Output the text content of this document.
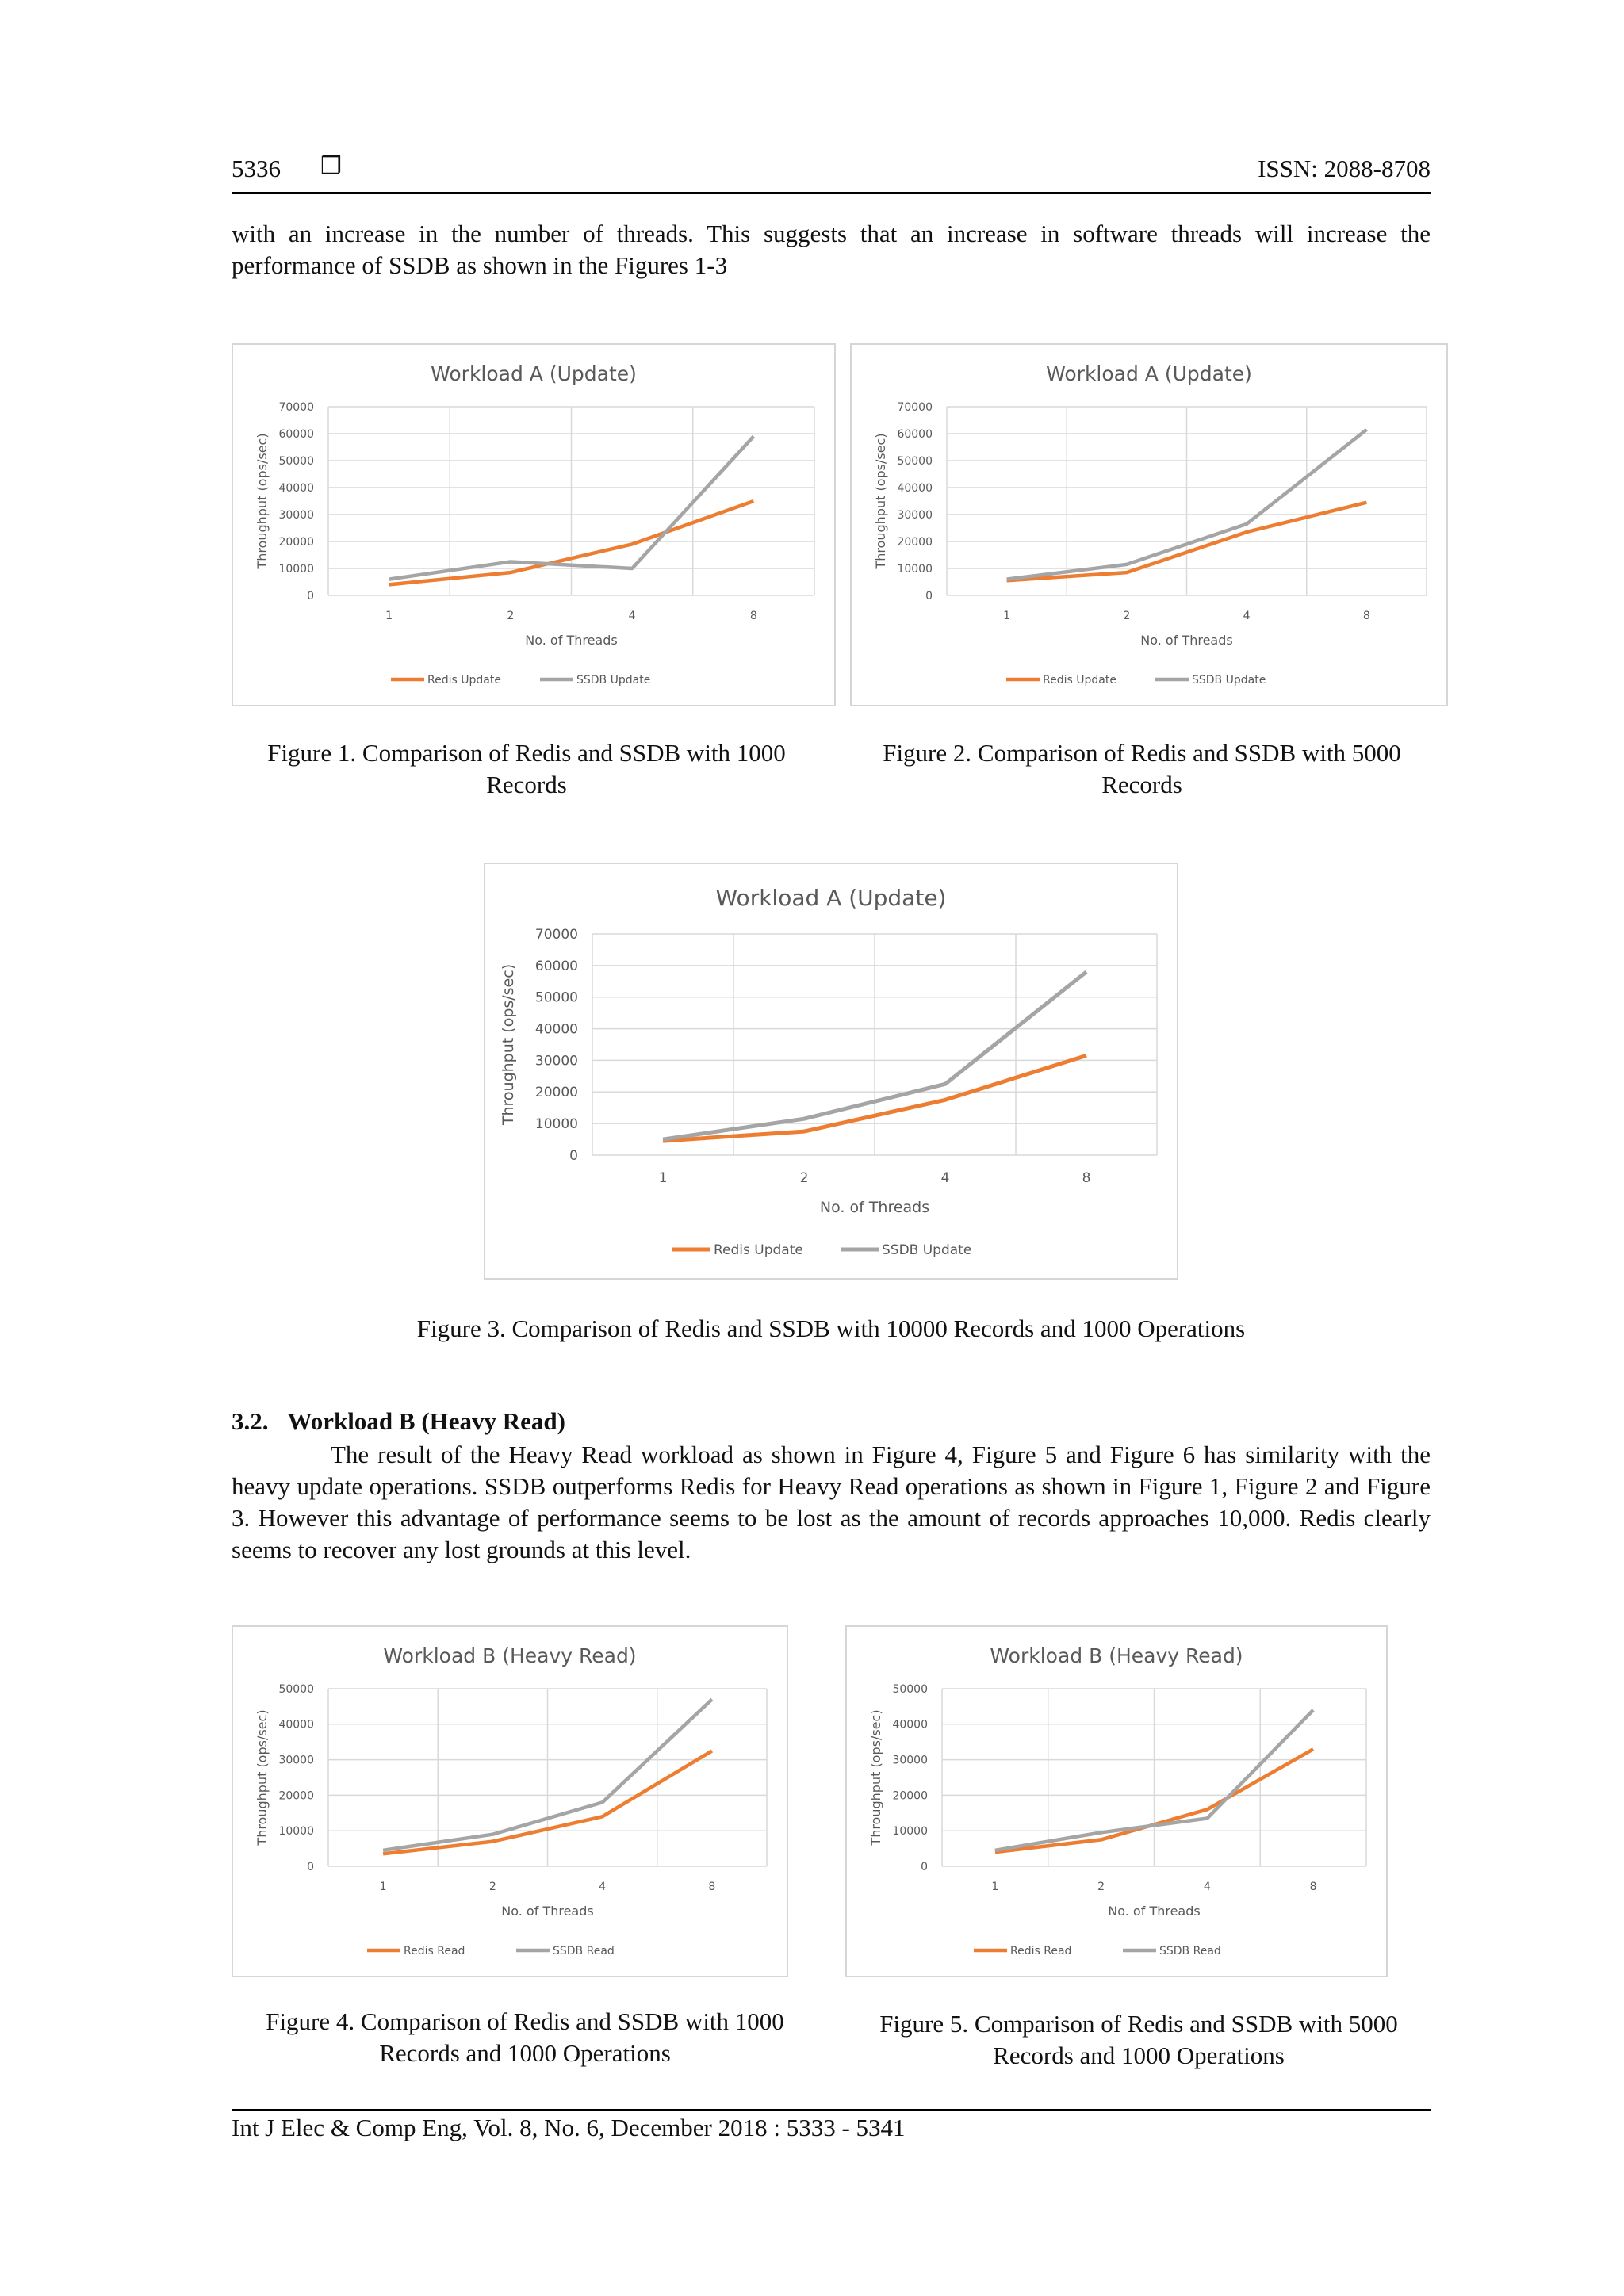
5336 ❒	ISSN: 2088-8708

with an increase in the number of threads. This suggests that an increase in software threads will increase the performance of SSDB as shown in the Figures 1-3

Workload A (Update)
0
10000
20000
30000
40000
50000
60000
70000
1	2	4	8
No. of Threads
Throughput (ops/sec)
Redis Update	SSDB Update
Figure 1. Comparison of Redis and SSDB with 1000 Records
Workload A (Update)
0
10000
20000
30000
40000
50000
60000
70000
1	2	4	8
No. of Threads
Throughput (ops/sec)
Redis Update	SSDB Update
Figure 2. Comparison of Redis and SSDB with 5000 Records
Workload A (Update)
0
10000
20000
30000
40000
50000
60000
70000
1	2	4	8
No. of Threads
Throughput (ops/sec)
Redis Update	SSDB Update
Figure 3. Comparison of Redis and SSDB with 10000 Records and 1000 Operations
3.2. Workload B (Heavy Read)

The result of the Heavy Read workload as shown in Figure 4, Figure 5 and Figure 6 has similarity with the heavy update operations. SSDB outperforms Redis for Heavy Read operations as shown in Figure 1, Figure 2 and Figure 3. However this advantage of performance seems to be lost as the amount of records approaches 10,000. Redis clearly seems to recover any lost grounds at this level.

Workload B (Heavy Read)
0
10000
20000
30000
40000
50000
1	2	4	8
No. of Threads
Throughput (ops/sec)
Redis Read	SSDB Read
Figure 4. Comparison of Redis and SSDB with 1000 Records and 1000 Operations
Workload B (Heavy Read)
0
10000
20000
30000
40000
50000
1	2	4	8
No. of Threads
Throughput (ops/sec)
Redis Read	SSDB Read
Figure 5. Comparison of Redis and SSDB with 5000 Records and 1000 Operations
Int J Elec & Comp Eng, Vol. 8, No. 6, December 2018 : 5333 - 5341
